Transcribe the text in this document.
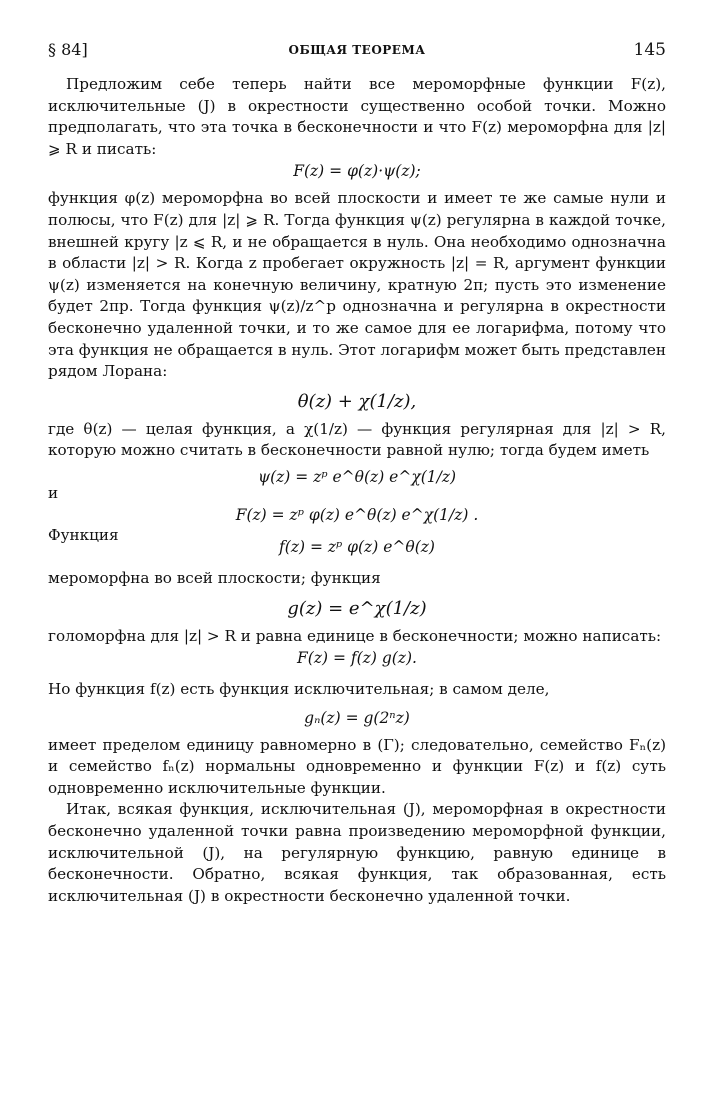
§ 84]	ОБЩАЯ ТЕОРЕМА	145

Предложим себе теперь найти все мероморфные функции F(z), исключительные (J) в окрестности существенно особой точки. Можно предполагать, что эта точка в бесконечности и что F(z) мероморфна для |z| ⩾ R и писать:

F(z) = φ(z)·ψ(z);

функция φ(z) мероморфна во всей плоскости и имеет те же самые нули и полюсы, что F(z) для |z| ⩾ R. Тогда функция ψ(z) регулярна в каждой точке, внешней кругу |z ⩽ R, и не обращается в нуль. Она необходимо однозначна в области |z| > R. Когда z пробегает окружность |z| = R, аргумент функции ψ(z) изменяется на конечную величину, кратную 2π; пусть это изменение будет 2πp. Тогда функция ψ(z)/z^p однозначна и регулярна в окрестности бесконечно удаленной точки, и то же самое для ее логарифма, потому что эта функция не обращается в нуль. Этот логарифм может быть представлен рядом Лорана:

θ(z) + χ(1/z),

где θ(z) — целая функция, а χ(1/z) — функция регулярная для |z| > R, которую можно считать в бесконечности равной нулю; тогда будем иметь

ψ(z) = zᵖ e^θ(z) e^χ(1/z)
и
F(z) = zᵖ φ(z) e^θ(z) e^χ(1/z) .
Функция
f(z) = zᵖ φ(z) e^θ(z)

мероморфна во всей плоскости; функция

g(z) = e^χ(1/z)

голоморфна для |z| > R и равна единице в бесконечности; можно написать:

F(z) = f(z) g(z).

Но функция f(z) есть функция исключительная; в самом деле,

gₙ(z) = g(2ⁿz)

имеет пределом единицу равномерно в (Γ); следовательно, семейство Fₙ(z) и семейство fₙ(z) нормальны одновременно и функции F(z) и f(z) суть одновременно исключительные функции.

Итак, всякая функция, исключительная (J), мероморфная в окрестности бесконечно удаленной точки равна произведению мероморфной функции, исключительной (J), на регулярную функцию, равную единице в бесконечности. Обратно, всякая функция, так образованная, есть исключительная (J) в окрестности бесконечно удаленной точки.
